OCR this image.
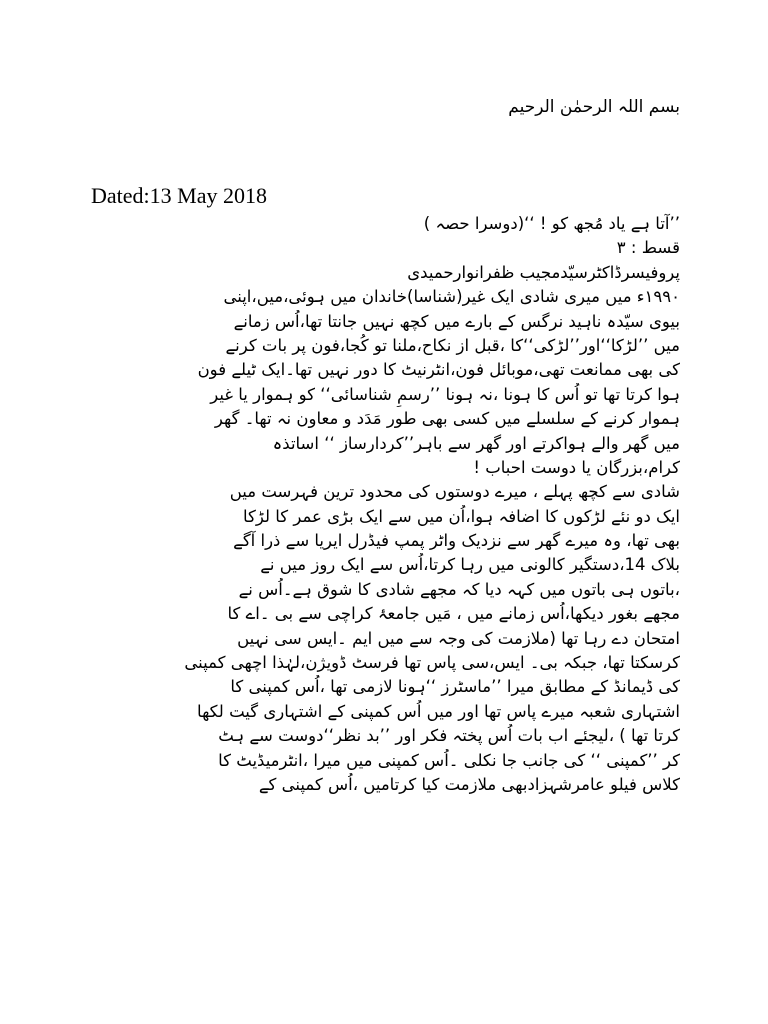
بسم اللہ الرحمٰن الرحیم
Dated:13 May 2018
’’آتا ہے یاد مُجھ کو ! ‘‘(دوسرا حصہ )
قسط : ۳
پروفیسرڈاکٹرسیّدمجیب ظفرانوارحمیدی
۱۹۹۰ء میں میری شادی ایک غیر(شناسا)خاندان میں ہوئی،میں،اپنی
بیوی سیّدہ ناہید نرگس کے بارے میں کچھ نہیں جانتا تھا،اُس زمانے
میں ’’لڑکا‘‘اور’’لڑکی‘‘کا ،قبل از نکاح،ملنا تو کُجا،فون پر بات کرنے
کی بھی ممانعت تھی،موبائل فون،انٹرنیٹ کا دور نہیں تھا۔ایک ٹیلے فون
ہوا کرتا تھا تو اُس کا ہونا ،نہ ہونا ’’رسمِ شناسائی‘‘ کو ہموار یا غیر
ہموار کرنے کے سلسلے میں کسی بھی طور مَدَد و معاون نہ تھا۔ گھر
میں گھر والے ہواکرتے اور گھر سے باہر’’کردارساز ‘‘ اساتذہ
کرام،بزرگان یا دوست احباب !
شادی سے کچھ پہلے ، میرے دوستوں کی محدود ترین فہرست میں
ایک دو نئے لڑکوں کا اضافہ ہوا،اُن میں سے ایک بڑی عمر کا لڑکا
بھی تھا، وہ میرے گھر سے نزدیک واٹر پمپ فیڈرل ایریا سے ذرا آگے
بلاک 14،دستگیر کالونی میں رہا کرتا،اُس سے ایک روز میں نے
،باتوں ہی باتوں میں کہہ دیا کہ مجھے شادی کا شوق ہے۔اُس نے
مجھے بغور دیکھا،اُس زمانے میں ، مَیں جامعۂ کراچی سے بی ۔اے کا
امتحان دے رہا تھا (ملازمت کی وجہ سے میں ایم ۔ایس سی نہیں
کرسکتا تھا، جبکہ بی۔ ایس،سی پاس تھا فرسٹ ڈویژن،لہٰذا اچھی کمپنی
کی ڈیمانڈ کے مطابق میرا ’’ماسٹرز ‘‘ہونا لازمی تھا ،اُس کمپنی کا
اشتہاری شعبہ میرے پاس تھا اور میں اُس کمپنی کے اشتہاری گیت لکھا
کرتا تھا ) ،لیجئے اب بات اُس پختہ فکر اور ’’بد نظر‘‘دوست سے ہٹ
کر ’’کمپنی ‘‘ کی جانب جا نکلی ۔اُس کمپنی میں میرا ،انٹرمیڈیٹ کا
کلاس فیلو عامرشہزادبھی ملازمت کیا کرتامیں ،اُس کمپنی کے
